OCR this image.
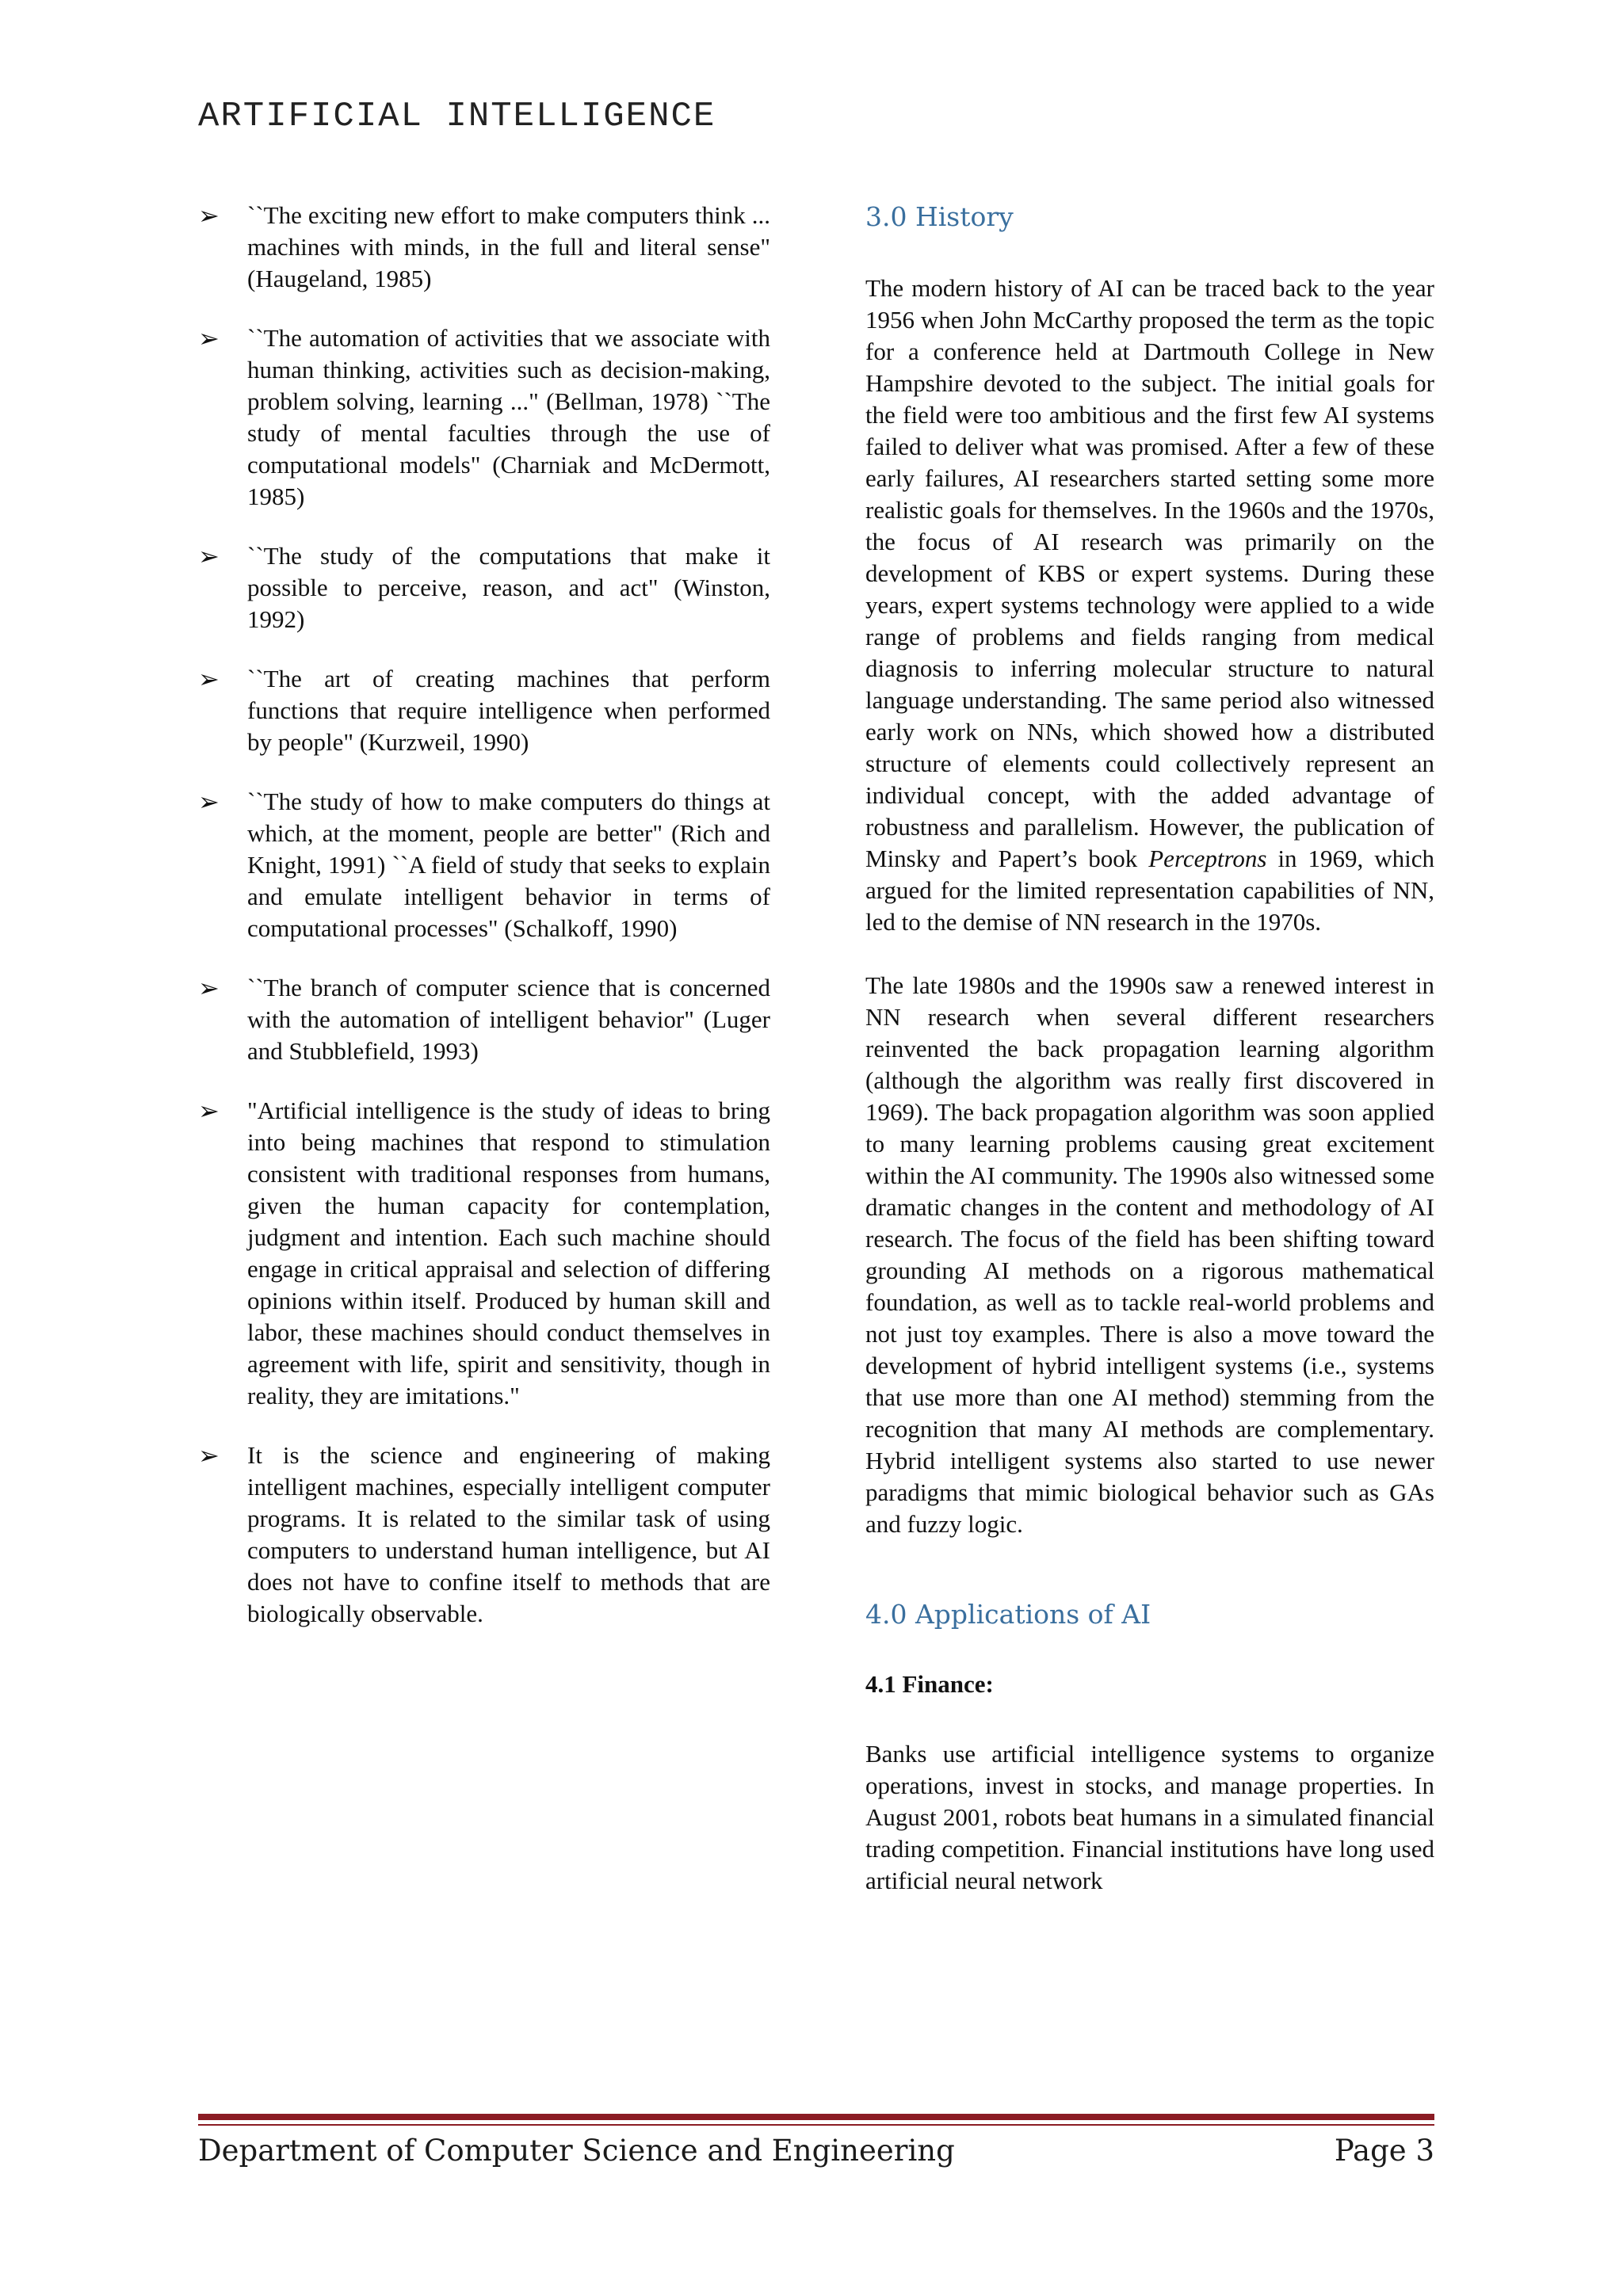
ARTIFICIAL INTELLIGENCE
➢ ``The exciting new effort to make computers think ... machines with minds, in the full and literal sense" (Haugeland, 1985)
➢ ``The automation of activities that we associate with human thinking, activities such as decision-making, problem solving, learning ..." (Bellman, 1978) ``The study of mental faculties through the use of computational models" (Charniak and McDermott, 1985)
➢ ``The study of the computations that make it possible to perceive, reason, and act" (Winston, 1992)
➢ ``The art of creating machines that perform functions that require intelligence when performed by people" (Kurzweil, 1990)
➢ ``The study of how to make computers do things at which, at the moment, people are better" (Rich and Knight, 1991) ``A field of study that seeks to explain and emulate intelligent behavior in terms of computational processes" (Schalkoff, 1990)
➢ ``The branch of computer science that is concerned with the automation of intelligent behavior" (Luger and Stubblefield, 1993)
➢ "Artificial intelligence is the study of ideas to bring into being machines that respond to stimulation consistent with traditional responses from humans, given the human capacity for contemplation, judgment and intention. Each such machine should engage in critical appraisal and selection of differing opinions within itself. Produced by human skill and labor, these machines should conduct themselves in agreement with life, spirit and sensitivity, though in reality, they are imitations."
➢ It is the science and engineering of making intelligent machines, especially intelligent computer programs. It is related to the similar task of using computers to understand human intelligence, but AI does not have to confine itself to methods that are biologically observable.
3.0 History

The modern history of AI can be traced back to the year 1956 when John McCarthy proposed the term as the topic for a conference held at Dartmouth College in New Hampshire devoted to the subject. The initial goals for the field were too ambitious and the first few AI systems failed to deliver what was promised. After a few of these early failures, AI researchers started setting some more realistic goals for themselves. In the 1960s and the 1970s, the focus of AI research was primarily on the development of KBS or expert systems. During these years, expert systems technology were applied to a wide range of problems and fields ranging from medical diagnosis to inferring molecular structure to natural language understanding. The same period also witnessed early work on NNs, which showed how a distributed structure of elements could collectively represent an individual concept, with the added advantage of robustness and parallelism. However, the publication of Minsky and Papert’s book Perceptrons in 1969, which argued for the limited representation capabilities of NN, led to the demise of NN research in the 1970s.

The late 1980s and the 1990s saw a renewed interest in NN research when several different researchers reinvented the back propagation learning algorithm (although the algorithm was really first discovered in 1969). The back propagation algorithm was soon applied to many learning problems causing great excitement within the AI community. The 1990s also witnessed some dramatic changes in the content and methodology of AI research. The focus of the field has been shifting toward grounding AI methods on a rigorous mathematical foundation, as well as to tackle real-world problems and not just toy examples. There is also a move toward the development of hybrid intelligent systems (i.e., systems that use more than one AI method) stemming from the recognition that many AI methods are complementary. Hybrid intelligent systems also started to use newer paradigms that mimic biological behavior such as GAs and fuzzy logic.

4.0 Applications of AI

4.1 Finance:

Banks use artificial intelligence systems to organize operations, invest in stocks, and manage properties. In August 2001, robots beat humans in a simulated financial trading competition. Financial institutions have long used artificial neural network

Department of Computer Science and Engineering	Page 3
